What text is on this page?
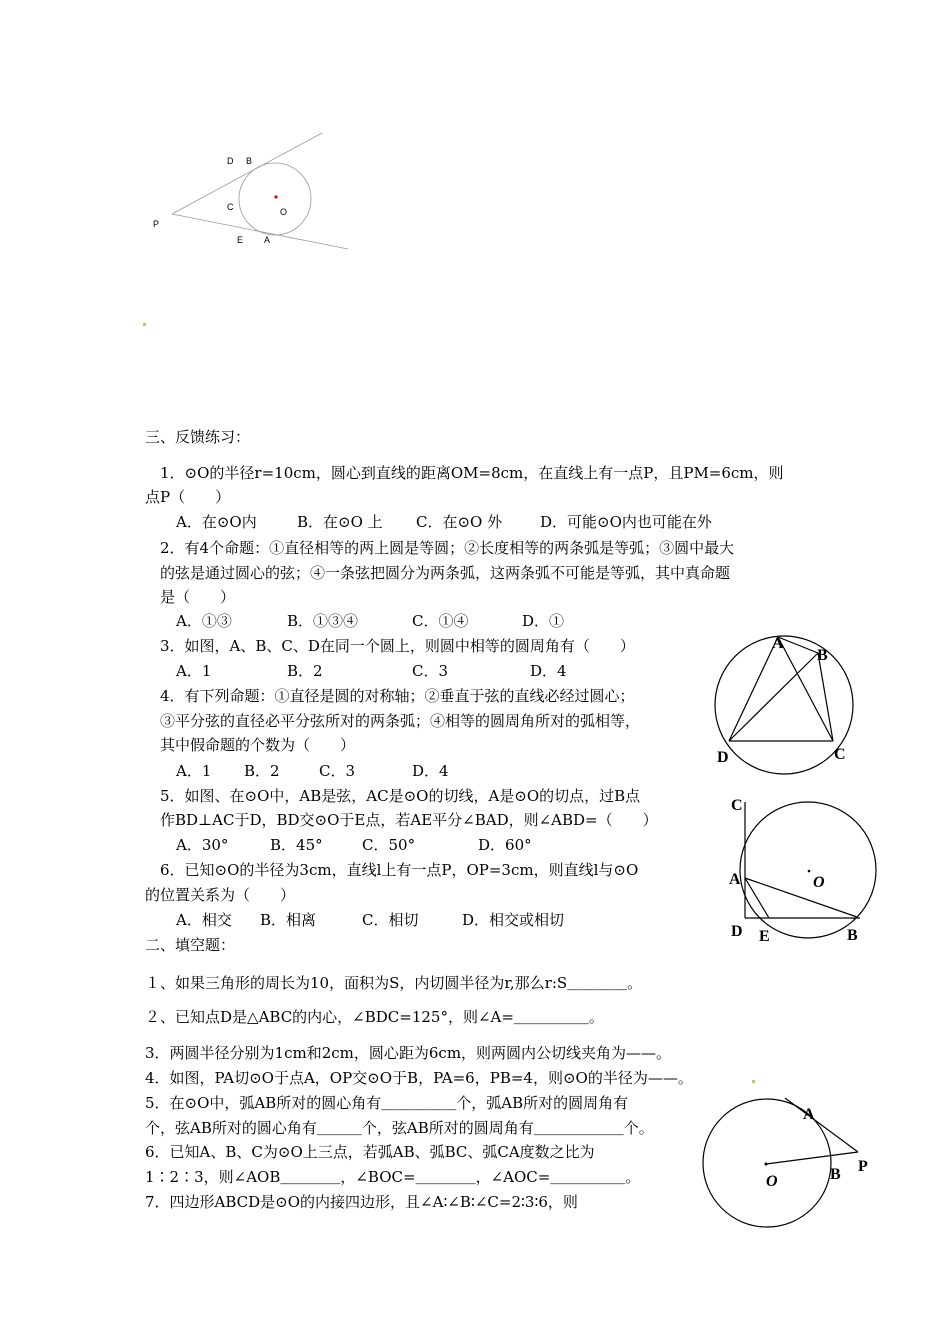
D B
C	O
P
E A
三、反馈练习：
1．⊙O的半径r=10cm，圆心到直线的距离OM=8cm，在直线上有一点P，且PM=6cm，则
点P（　　）
A．在⊙O内	B．在⊙O 上 C．在⊙O 外	D．可能⊙O内也可能在外
2．有4个命题：①直径相等的两上圆是等圆；②长度相等的两条弧是等弧；③圆中最大
的弦是通过圆心的弦；④一条弦把圆分为两条弧，这两条弧不可能是等弧，其中真命题
是（　　）
A．①③	B．①③④	C．①④	D．①
3．如图，A、B、C、D在同一个圆上，则圆中相等的圆周角有（　　）
A．1	B．2	C．3	D．4
4．有下列命题：①直径是圆的对称轴；②垂直于弦的直线必经过圆心；
③平分弦的直径必平分弦所对的两条弧；④相等的圆周角所对的弧相等，
其中假命题的个数为（　　）
A．1 B．2	C．3	D．4
5．如图、在⊙O中，AB是弦，AC是⊙O的切线，A是⊙O的切点，过B点
作BD⊥AC于D，BD交⊙O于E点，若AE平分∠BAD，则∠ABD=（　　）
A．30°	B．45°	C．50°	D．60°
6．已知⊙O的半径为3cm，直线l上有一点P，OP=3cm，则直线l与⊙O
的位置关系为（　　）
A．相交 B．相离	C．相切	D．相交或相切
A
B
D	C
C
A	O
D E	B
二、填空题：
１、如果三角形的周长为10，面积为S，内切圆半径为r,那么r:S＿＿＿＿。
２、已知点D是△ABC的内心，∠BDC=125°，则∠A=＿＿＿＿＿。
3．两圆半径分别为1cm和2cm，圆心距为6cm，则两圆内公切线夹角为——。
4．如图，PA切⊙O于点A，OP交⊙O于B，PA=6，PB=4，则⊙O的半径为——。
5．在⊙O中，弧AB所对的圆心角有＿＿＿＿＿个，弧AB所对的圆周角有
个，弦AB所对的圆心角有＿＿＿个，弦AB所对的圆周角有＿＿＿＿＿＿个。
6．已知A、B、C为⊙O上三点，若弧AB、弧BC、弧CA度数之比为
1∶2∶3，则∠AOB＿＿＿＿，∠BOC=＿＿＿＿，∠AOC=＿＿＿＿＿。
7．四边形ABCD是⊙O的内接四边形，且∠A∶∠B∶∠C=2∶3∶6，则
A
P
O	B
